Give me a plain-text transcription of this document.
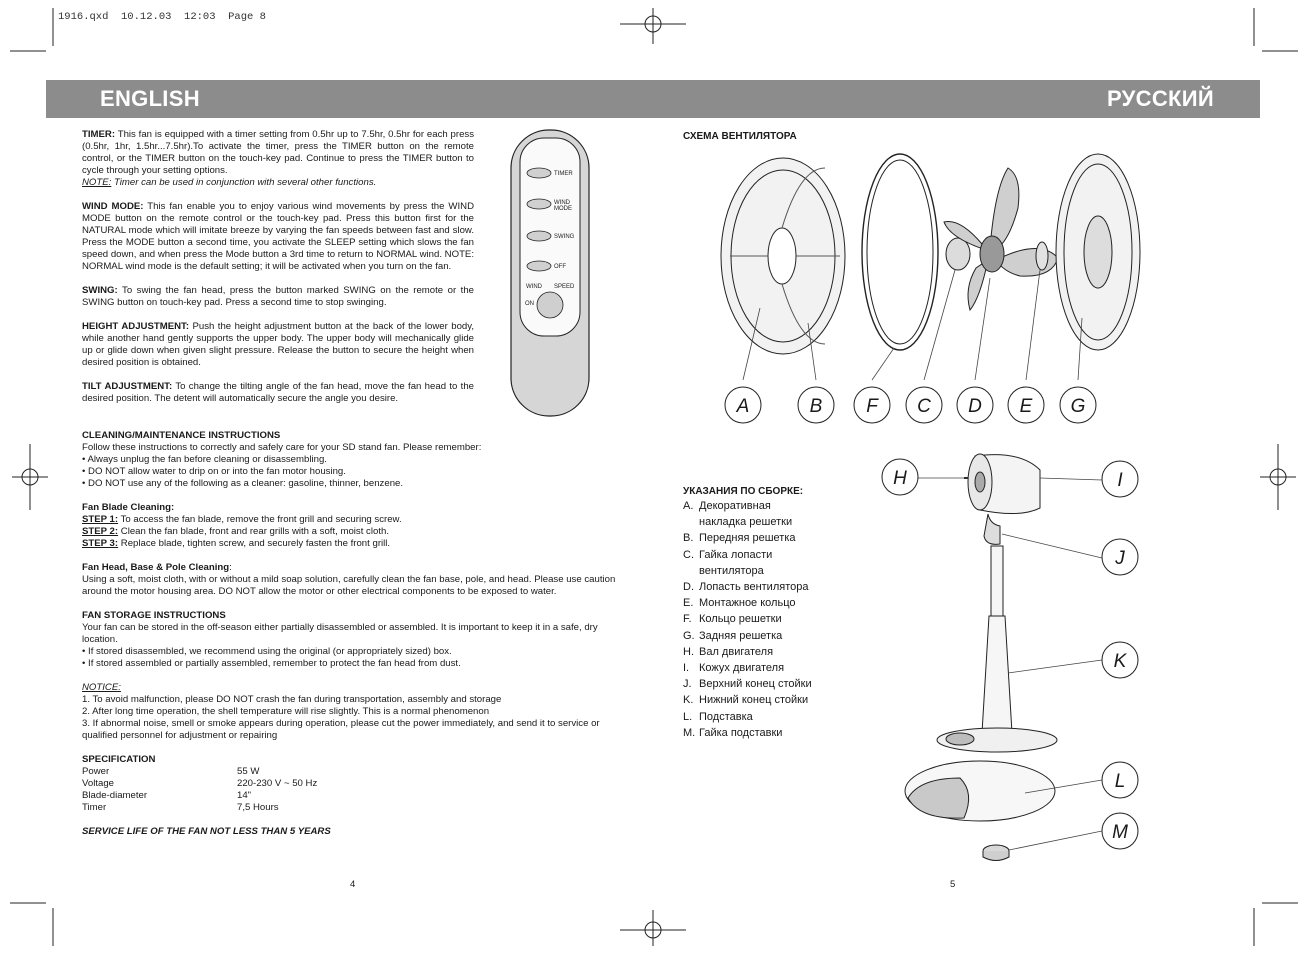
1916.qxd  10.12.03  12:03  Page 8
ENGLISH	РУССКИЙ

TIMER: This fan is equipped with a timer setting from 0.5hr up to 7.5hr, 0.5hr for each press (0.5hr, 1hr, 1.5hr...7.5hr).To activate the timer, press the TIMER button on the remote control, or the TIMER button on the touch-key pad. Continue to press the TIMER button to cycle through your setting options.

NOTE: Timer can be used in conjunction with several other functions.

WIND MODE: This fan enable you to enjoy various wind movements by press the WIND MODE button on the remote control or the touch-key pad. Press this button first for the NATURAL mode which will imitate breeze by varying the fan speeds between fast and slow. Press the MODE button a second time, you activate the SLEEP setting which slows the fan speed down, and when press the Mode button a 3rd time to return to NORMAL wind. NOTE: NORMAL wind mode is the default setting; it will be activated when you turn on the fan.

SWING: To swing the fan head, press the button marked SWING on the remote or the SWING button on touch-key pad. Press a second time to stop swinging.

HEIGHT ADJUSTMENT: Push the height adjustment button at the back of the lower body, while another hand gently supports the upper body. The upper body will mechanically glide up or glide down when given slight pressure. Release the button to secure the height when desired position is obtained.

TILT ADJUSTMENT: To change the tilting angle of the fan head, move the fan head to the desired position. The detent will automatically secure the angle you desire.

CLEANING/MAINTENANCE INSTRUCTIONS

Follow these instructions to correctly and safely care for your SD stand fan. Please remember:

• Always unplug the fan before cleaning or disassembling.

• DO NOT allow water to drip on or into the fan motor housing.

• DO NOT use any of the following as a cleaner: gasoline, thinner, benzene.

Fan Blade Cleaning:

STEP 1: To access the fan blade, remove the front grill and securing screw.

STEP 2: Clean the fan blade, front and rear grills with a soft, moist cloth.

STEP 3: Replace blade, tighten screw, and securely fasten the front grill.

Fan Head, Base & Pole Cleaning:

Using a soft, moist cloth, with or without a mild soap solution, carefully clean the fan base, pole, and head. Please use caution around the motor housing area. DO NOT allow the motor or other electrical components to be exposed to water.

FAN STORAGE INSTRUCTIONS

Your fan can be stored in the off-season either partially disassembled or assembled. It is important to keep it in a safe, dry location.

• If stored disassembled, we recommend using the original (or appropriately sized) box.

• If stored assembled or partially assembled, remember to protect the fan head from dust.

NOTICE:

1. To avoid malfunction, please DO NOT crash the fan during transportation, assembly and storage

2. After long time operation, the shell temperature will rise slightly. This is a normal phenomenon

3. If abnormal noise, smell or smoke appears during operation, please cut the power immediately, and send it to service or qualified personnel for adjustment or repairing

SPECIFICATION

Power	55 W
Voltage	220-230 V ~ 50 Hz
Blade-diameter	14"
Timer	7,5 Hours

SERVICE LIFE OF THE FAN NOT LESS THAN 5 YEARS

TIMER
WIND
MODE
SWING
OFF
WIND SPEED
ON
СХЕМА ВЕНТИЛЯТОРА
A	B F C D E G
УКАЗАНИЯ ПО СБОРКЕ:
A. Декоративная
накладка решетки
B. Передняя решетка
C. Гайка лопасти
вентилятора
D. Лопасть вентилятора
E. Монтажное кольцо
F. Кольцо решетки
G. Задняя решетка
H. Вал двигателя
I. Кожух двигателя
J. Верхний конец стойки
K. Нижний конец стойки
L. Подставка
M. Гайка подставки
H	I
J
K
L
M
4	5
